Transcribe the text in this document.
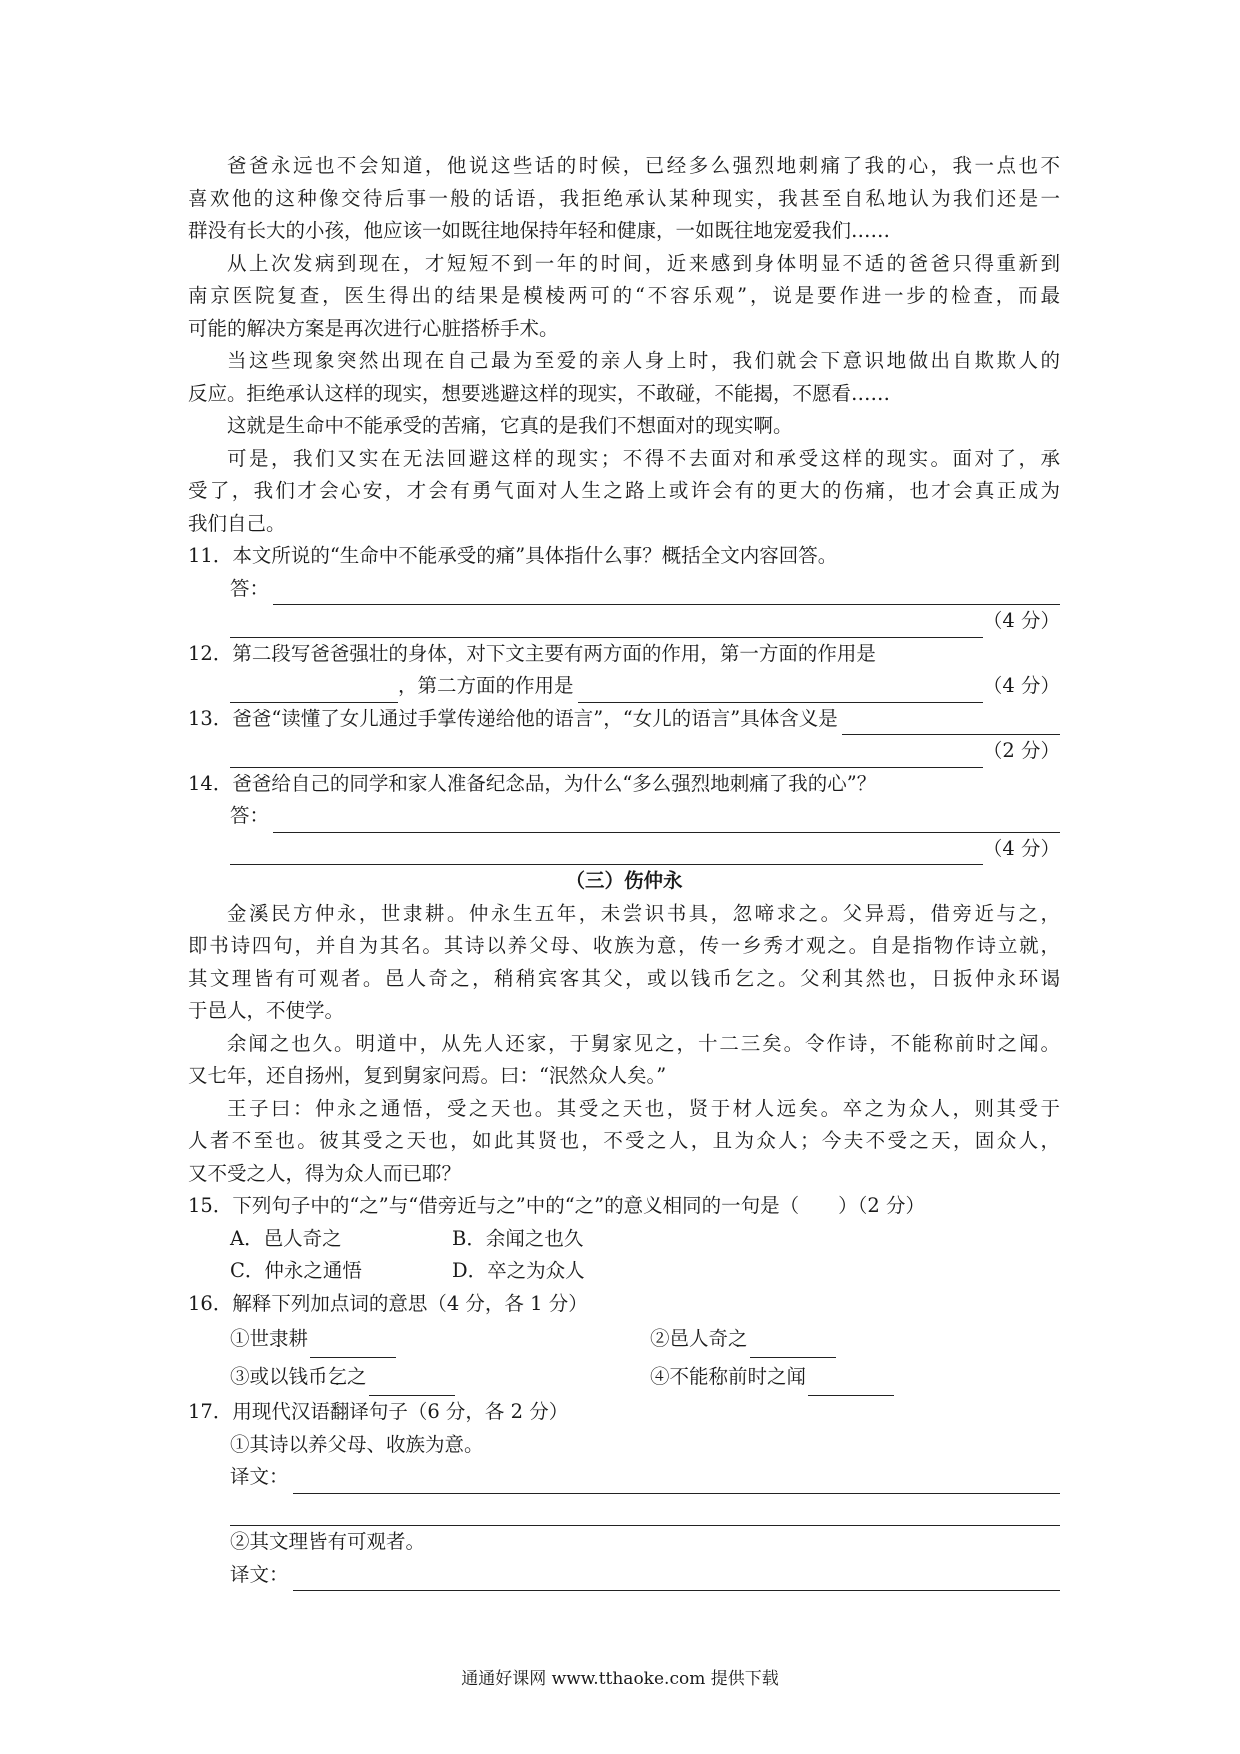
爸爸永远也不会知道，他说这些话的时候，已经多么强烈地刺痛了我的心，我一点也不
喜欢他的这种像交待后事一般的话语，我拒绝承认某种现实，我甚至自私地认为我们还是一
群没有长大的小孩，他应该一如既往地保持年轻和健康，一如既往地宠爱我们……
从上次发病到现在，才短短不到一年的时间，近来感到身体明显不适的爸爸只得重新到
南京医院复查，医生得出的结果是模棱两可的“不容乐观”，说是要作进一步的检查，而最
可能的解决方案是再次进行心脏搭桥手术。
当这些现象突然出现在自己最为至爱的亲人身上时，我们就会下意识地做出自欺欺人的
反应。拒绝承认这样的现实，想要逃避这样的现实，不敢碰，不能揭，不愿看……
这就是生命中不能承受的苦痛，它真的是我们不想面对的现实啊。
可是，我们又实在无法回避这样的现实；不得不去面对和承受这样的现实。面对了，承
受了，我们才会心安，才会有勇气面对人生之路上或许会有的更大的伤痛，也才会真正成为
我们自己。
11．本文所说的“生命中不能承受的痛”具体指什么事？概括全文内容回答。
答：
（4 分）
12．第二段写爸爸强壮的身体，对下文主要有两方面的作用，第一方面的作用是
，第二方面的作用是	（4 分）
13．爸爸“读懂了女儿通过手掌传递给他的语言”，“女儿的语言”具体含义是
（2 分）
14．爸爸给自己的同学和家人准备纪念品，为什么“多么强烈地刺痛了我的心”？
答：
（4 分）
（三）伤仲永
金溪民方仲永，世隶耕。仲永生五年，未尝识书具，忽啼求之。父异焉，借旁近与之，
即书诗四句，并自为其名。其诗以养父母、收族为意，传一乡秀才观之。自是指物作诗立就，
其文理皆有可观者。邑人奇之，稍稍宾客其父，或以钱币乞之。父利其然也，日扳仲永环谒
于邑人，不使学。
余闻之也久。明道中，从先人还家，于舅家见之，十二三矣。令作诗，不能称前时之闻。
又七年，还自扬州，复到舅家问焉。曰：“泯然众人矣。”
王子曰：仲永之通悟，受之天也。其受之天也，贤于材人远矣。卒之为众人，则其受于
人者不至也。彼其受之天也，如此其贤也，不受之人，且为众人；今夫不受之天，固众人，
又不受之人，得为众人而已耶？
15．下列句子中的“之”与“借旁近与之”中的“之”的意义相同的一句是（　　）（2 分）
A．邑人奇之	B．余闻之也久
C．仲永之通悟	D．卒之为众人
16．解释下列加点词的意思（4 分，各 1 分）
①世隶耕	②邑人奇之
③或以钱币乞之	④不能称前时之闻
17．用现代汉语翻译句子（6 分，各 2 分）
①其诗以养父母、收族为意。
译文：
②其文理皆有可观者。
译文：
通通好课网 www.tthaoke.com 提供下载
